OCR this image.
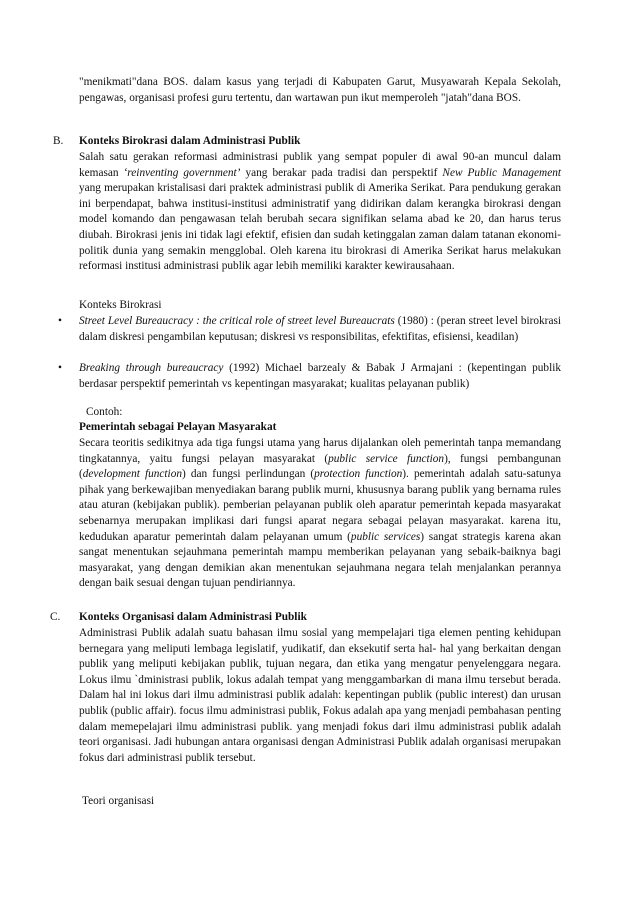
"menikmati"dana BOS. dalam kasus yang terjadi di Kabupaten Garut, Musyawarah Kepala Sekolah, pengawas, organisasi profesi guru tertentu, dan wartawan pun ikut memperoleh "jatah"dana BOS.
B. Konteks Birokrasi dalam Administrasi Publik
Salah satu gerakan reformasi administrasi publik yang sempat populer di awal 90-an muncul dalam kemasan ‘reinventing government’ yang berakar pada tradisi dan perspektif New Public Management yang merupakan kristalisasi dari praktek administrasi publik di Amerika Serikat. Para pendukung gerakan ini berpendapat, bahwa institusi-institusi administratif yang didirikan dalam kerangka birokrasi dengan model komando dan pengawasan telah berubah secara signifikan selama abad ke 20, dan harus terus diubah. Birokrasi jenis ini tidak lagi efektif, efisien dan sudah ketinggalan zaman dalam tatanan ekonomi-politik dunia yang semakin mengglobal. Oleh karena itu birokrasi di Amerika Serikat harus melakukan reformasi institusi administrasi publik agar lebih memiliki karakter kewirausahaan.
Konteks Birokrasi
• Street Level Bureaucracy : the critical role of street level Bureaucrats (1980) : (peran street level birokrasi dalam diskresi pengambilan keputusan; diskresi vs responsibilitas, efektifitas, efisiensi, keadilan)
• Breaking through bureaucracy (1992) Michael barzealy & Babak J Armajani : (kepentingan publik berdasar perspektif pemerintah vs kepentingan masyarakat; kualitas pelayanan publik)
Contoh:
Pemerintah sebagai Pelayan Masyarakat
Secara teoritis sedikitnya ada tiga fungsi utama yang harus dijalankan oleh pemerintah tanpa memandang tingkatannya, yaitu fungsi pelayan masyarakat (public service function), fungsi pembangunan (development function) dan fungsi perlindungan (protection function). pemerintah adalah satu-satunya pihak yang berkewajiban menyediakan barang publik murni, khususnya barang publik yang bernama rules atau aturan (kebijakan publik). pemberian pelayanan publik oleh aparatur pemerintah kepada masyarakat sebenarnya merupakan implikasi dari fungsi aparat negara sebagai pelayan masyarakat. karena itu, kedudukan aparatur pemerintah dalam pelayanan umum (public services) sangat strategis karena akan sangat menentukan sejauhmana pemerintah mampu memberikan pelayanan yang sebaik-baiknya bagi masyarakat, yang dengan demikian akan menentukan sejauhmana negara telah menjalankan perannya dengan baik sesuai dengan tujuan pendiriannya.
C. Konteks Organisasi dalam Administrasi Publik
Administrasi Publik adalah suatu bahasan ilmu sosial yang mempelajari tiga elemen penting kehidupan bernegara yang meliputi lembaga legislatif, yudikatif, dan eksekutif serta hal- hal yang berkaitan dengan publik yang meliputi kebijakan publik, tujuan negara, dan etika yang mengatur penyelenggara negara. Lokus ilmu `dministrasi publik, lokus adalah tempat yang menggambarkan di mana ilmu tersebut berada. Dalam hal ini lokus dari ilmu administrasi publik adalah: kepentingan publik (public interest) dan urusan publik (public affair). focus ilmu administrasi publik, Fokus adalah apa yang menjadi pembahasan penting dalam memepelajari ilmu administrasi publik. yang menjadi fokus dari ilmu administrasi publik adalah teori organisasi. Jadi hubungan antara organisasi dengan Administrasi Publik adalah organisasi merupakan fokus dari administrasi publik tersebut.
Teori organisasi
